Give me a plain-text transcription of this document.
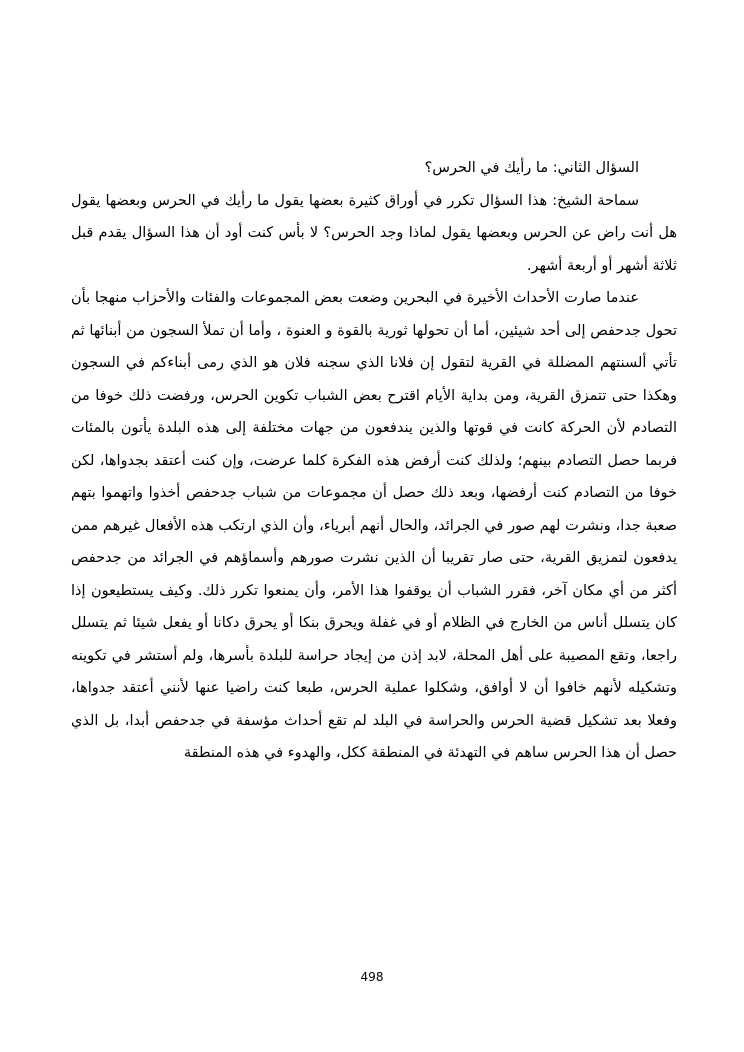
السؤال الثاني: ما رأيك في الحرس؟

سماحة الشيخ: هذا السؤال تكرر في أوراق كثيرة بعضها يقول ما رأيك في الحرس وبعضها يقول هل أنت راض عن الحرس وبعضها يقول لماذا وجد الحرس؟ لا بأس كنت أود أن هذا السؤال يقدم قبل ثلاثة أشهر أو أربعة أشهر.

عندما صارت الأحداث الأخيرة في البحرين وضعت بعض المجموعات والفئات والأحزاب منهجا بأن تحول جدحفص إلى أحد شيئين، أما أن تحولها ثورية بالقوة و العنوة ، وأما أن تملأ السجون من أبنائها ثم تأتي ألسنتهم المضللة في القرية لتقول إن فلانا الذي سجنه فلان هو الذي رمى أبناءكم في السجون وهكذا حتى تتمزق القرية، ومن بداية الأيام اقترح بعض الشباب تكوين الحرس، ورفضت ذلك خوفا من التصادم لأن الحركة كانت في قوتها والذين يندفعون من جهات مختلفة إلى هذه البلدة يأتون بالمئات فربما حصل التصادم بينهم؛ ولذلك كنت أرفض هذه الفكرة كلما عرضت، وإن كنت أعتقد بجدواها، لكن خوفا من التصادم كنت أرفضها، وبعد ذلك حصل أن مجموعات من شباب جدحفص أخذوا واتهموا بتهم صعبة جدا، ونشرت لهم صور في الجرائد، والحال أنهم أبرياء، وأن الذي ارتكب هذه الأفعال غيرهم ممن يدفعون لتمزيق القرية، حتى صار تقريبا أن الذين نشرت صورهم وأسماؤهم في الجرائد من جدحفص أكثر من أي مكان آخر، فقرر الشباب أن يوقفوا هذا الأمر، وأن يمنعوا تكرر ذلك. وكيف يستطيعون إذا كان يتسلل أناس من الخارج في الظلام أو في غفلة ويحرق بنكا أو يحرق دكانا أو يفعل شيئا ثم يتسلل راجعا، وتقع المصيبة على أهل المحلة، لابد إذن من إيجاد حراسة للبلدة بأسرها، ولم أستشر في تكوينه وتشكيله لأنهم خافوا أن لا أوافق، وشكلوا عملية الحرس، طبعا كنت راضيا عنها لأنني أعتقد جدواها، وفعلا بعد تشكيل قضية الحرس والحراسة في البلد لم تقع أحداث مؤسفة في جدحفص أبدا، بل الذي حصل أن هذا الحرس ساهم في التهدئة في المنطقة ككل، والهدوء في هذه المنطقة

498
